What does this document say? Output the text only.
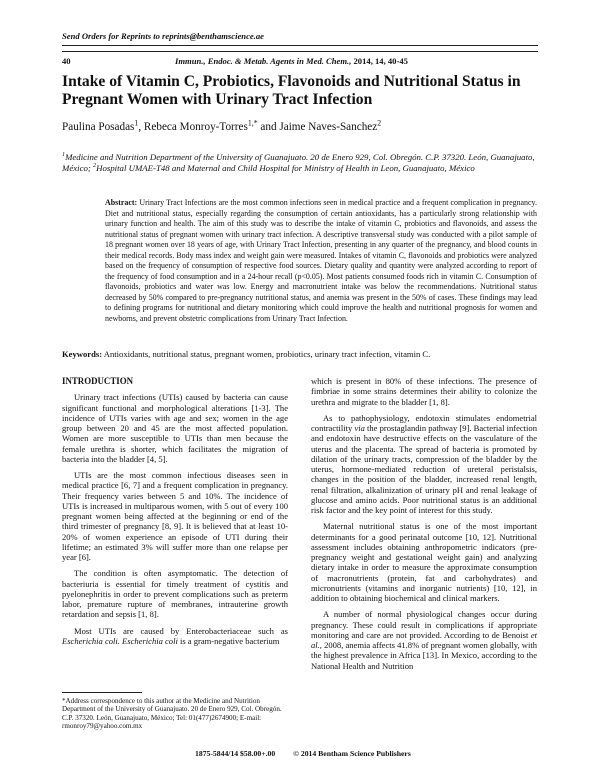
Send Orders for Reprints to reprints@benthamscience.ae
40	Immun., Endoc. & Metab. Agents in Med. Chem., 2014, 14, 40-45
Intake of Vitamin C, Probiotics, Flavonoids and Nutritional Status in Pregnant Women with Urinary Tract Infection
Paulina Posadas$^1$, Rebeca Monroy-Torres$^{1,*}$ and Jaime Naves-Sanchez$^2$
$^1$Medicine and Nutrition Department of the University of Guanajuato. 20 de Enero 929, Col. Obregón. C.P. 37320. León, Guanajuato, México; $^2$Hospital UMAE-T48 and Maternal and Child Hospital for Ministry of Health in Leon, Guanajuato, México
Abstract: Urinary Tract Infections are the most common infections seen in medical practice and a frequent complication in pregnancy. Diet and nutritional status, especially regarding the consumption of certain antioxidants, has a particularly strong relationship with urinary function and health. The aim of this study was to describe the intake of vitamin C, probiotics and flavonoids, and assess the nutritional status of pregnant women with urinary tract infection. A descriptive transversal study was conducted with a pilot sample of 18 pregnant women over 18 years of age, with Urinary Tract Infection, presenting in any quarter of the pregnancy, and blood counts in their medical records. Body mass index and weight gain were measured. Intakes of vitamin C, flavonoids and probiotics were analyzed based on the frequency of consumption of respective food sources. Dietary quality and quantity were analyzed according to report of the frequency of food consumption and in a 24-hour recall (p<0.05). Most patients consumed foods rich in vitamin C. Consumption of flavonoids, probiotics and water was low. Energy and macronutrient intake was below the recommendations. Nutritional status decreased by 50% compared to pre-pregnancy nutritional status, and anemia was present in the 50% of cases. These findings may lead to defining programs for nutritional and dietary monitoring which could improve the health and nutritional prognosis for women and newborns, and prevent obstetric complications from Urinary Tract Infection.
Keywords: Antioxidants, nutritional status, pregnant women, probiotics, urinary tract infection, vitamin C.
INTRODUCTION

Urinary tract infections (UTIs) caused by bacteria can cause significant functional and morphological alterations [1-3]. The incidence of UTIs varies with age and sex; women in the age group between 20 and 45 are the most affected population. Women are more susceptible to UTIs than men because the female urethra is shorter, which facilitates the migration of bacteria into the bladder [4, 5].

UTIs are the most common infectious diseases seen in medical practice [6, 7] and a frequent complication in pregnancy. Their frequency varies between 5 and 10%. The incidence of UTIs is increased in multiparous women, with 5 out of every 100 pregnant women being affected at the beginning or end of the third trimester of pregnancy [8, 9]. It is believed that at least 10-20% of women experience an episode of UTI during their lifetime; an estimated 3% will suffer more than one relapse per year [6].

The condition is often asymptomatic. The detection of bacteriuria is essential for timely treatment of cystitis and pyelonephritis in order to prevent complications such as preterm labor, premature rupture of membranes, intrauterine growth retardation and sepsis [1, 8].

Most UTIs are caused by Enterobacteriaceae such as Escherichia coli. Escherichia coli is a gram-negative bacterium

*Address correspondence to this author at the Medicine and Nutrition Department of the University of Guanajuato. 20 de Enero 929, Col. Obregón. C.P. 37320. León, Guanajuato, México; Tel: 01(477)2674900; E-mail: rmonroy79@yahoo.com.mx

which is present in 80% of these infections. The presence of fimbriae in some strains determines their ability to colonize the urethra and migrate to the bladder [1, 8].

As to pathophysiology, endotoxin stimulates endometrial contractility via the prostaglandin pathway [9]. Bacterial infection and endotoxin have destructive effects on the vasculature of the uterus and the placenta. The spread of bacteria is promoted by dilation of the urinary tracts, compression of the bladder by the uterus, hormone-mediated reduction of ureteral peristalsis, changes in the position of the bladder, increased renal length, renal filtration, alkalinization of urinary pH and renal leakage of glucose and amino acids. Poor nutritional status is an additional risk factor and the key point of interest for this study.

Maternal nutritional status is one of the most important determinants for a good perinatal outcome [10, 12]. Nutritional assessment includes obtaining anthropometric indicators (pre-pregnancy weight and gestational weight gain) and analyzing dietary intake in order to measure the approximate consumption of macronutrients (protein, fat and carbohydrates) and micronutrients (vitamins and inorganic nutrients) [10, 12], in addition to obtaining biochemical and clinical markers.

A number of normal physiological changes occur during pregnancy. These could result in complications if appropriate monitoring and care are not provided. According to de Benoist et al., 2008, anemia affects 41.8% of pregnant women globally, with the highest prevalence in Africa [13]. In Mexico, according to the National Health and Nutrition

1875-5844/14 $58.00+.00 © 2014 Bentham Science Publishers
